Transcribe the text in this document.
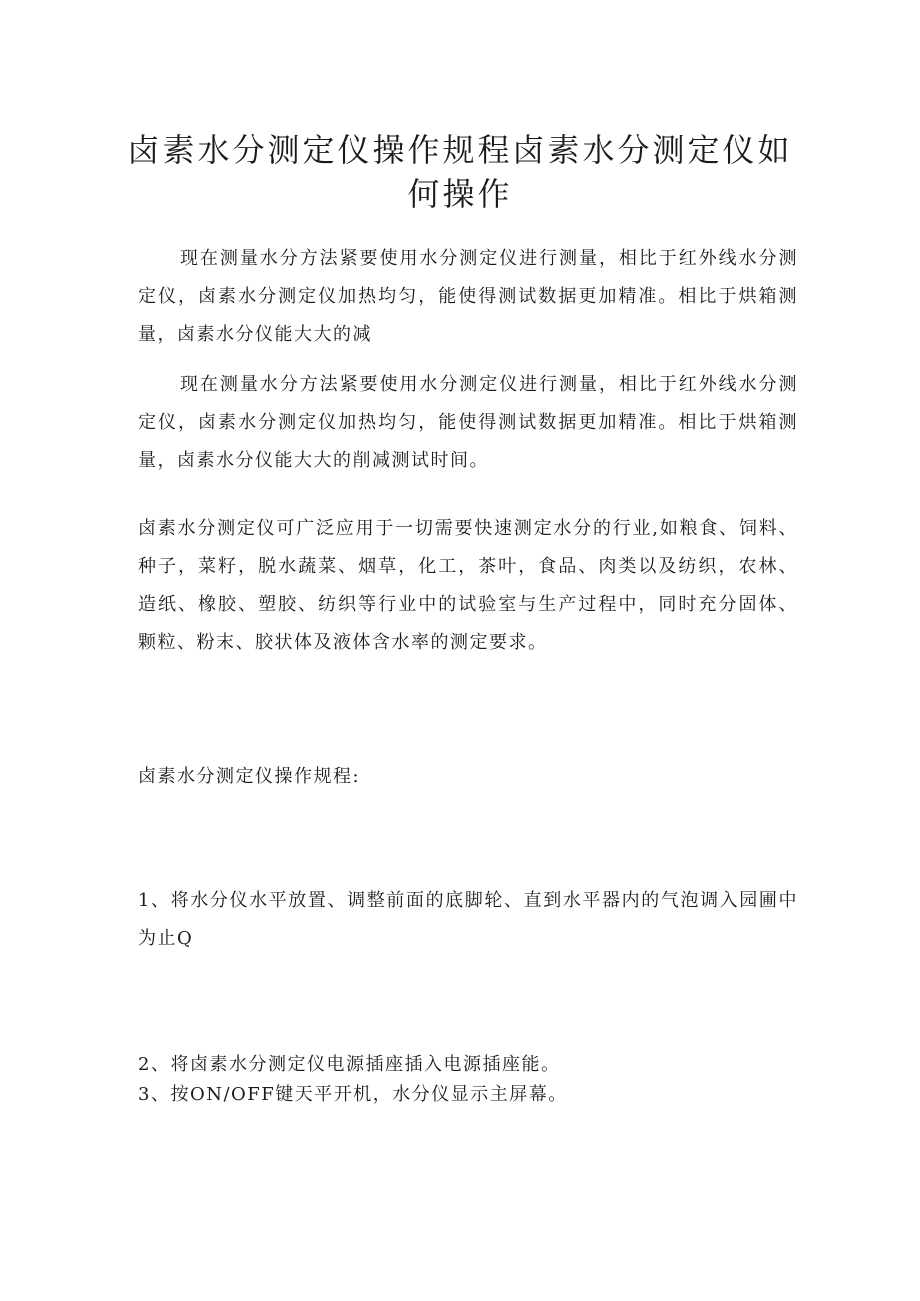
卤素水分测定仪操作规程卤素水分测定仪如何操作

现在测量水分方法紧要使用水分测定仪进行测量，相比于红外线水分测定仪，卤素水分测定仪加热均匀，能使得测试数据更加精准。相比于烘箱测量，卤素水分仪能大大的减

现在测量水分方法紧要使用水分测定仪进行测量，相比于红外线水分测定仪，卤素水分测定仪加热均匀，能使得测试数据更加精准。相比于烘箱测量，卤素水分仪能大大的削减测试时间。

卤素水分测定仪可广泛应用于一切需要快速测定水分的行业,如粮食、饲料、种子，菜籽，脱水蔬菜、烟草，化工，茶叶，食品、肉类以及纺织，农林、造纸、橡胶、塑胶、纺织等行业中的试验室与生产过程中，同时充分固体、颗粒、粉末、胶状体及液体含水率的测定要求。

卤素水分测定仪操作规程:

1、将水分仪水平放置、调整前面的底脚轮、直到水平器内的气泡调入园圃中为止Q

2、将卤素水分测定仪电源插座插入电源插座能。

3、按ON/OFF键天平开机，水分仪显示主屏幕。
